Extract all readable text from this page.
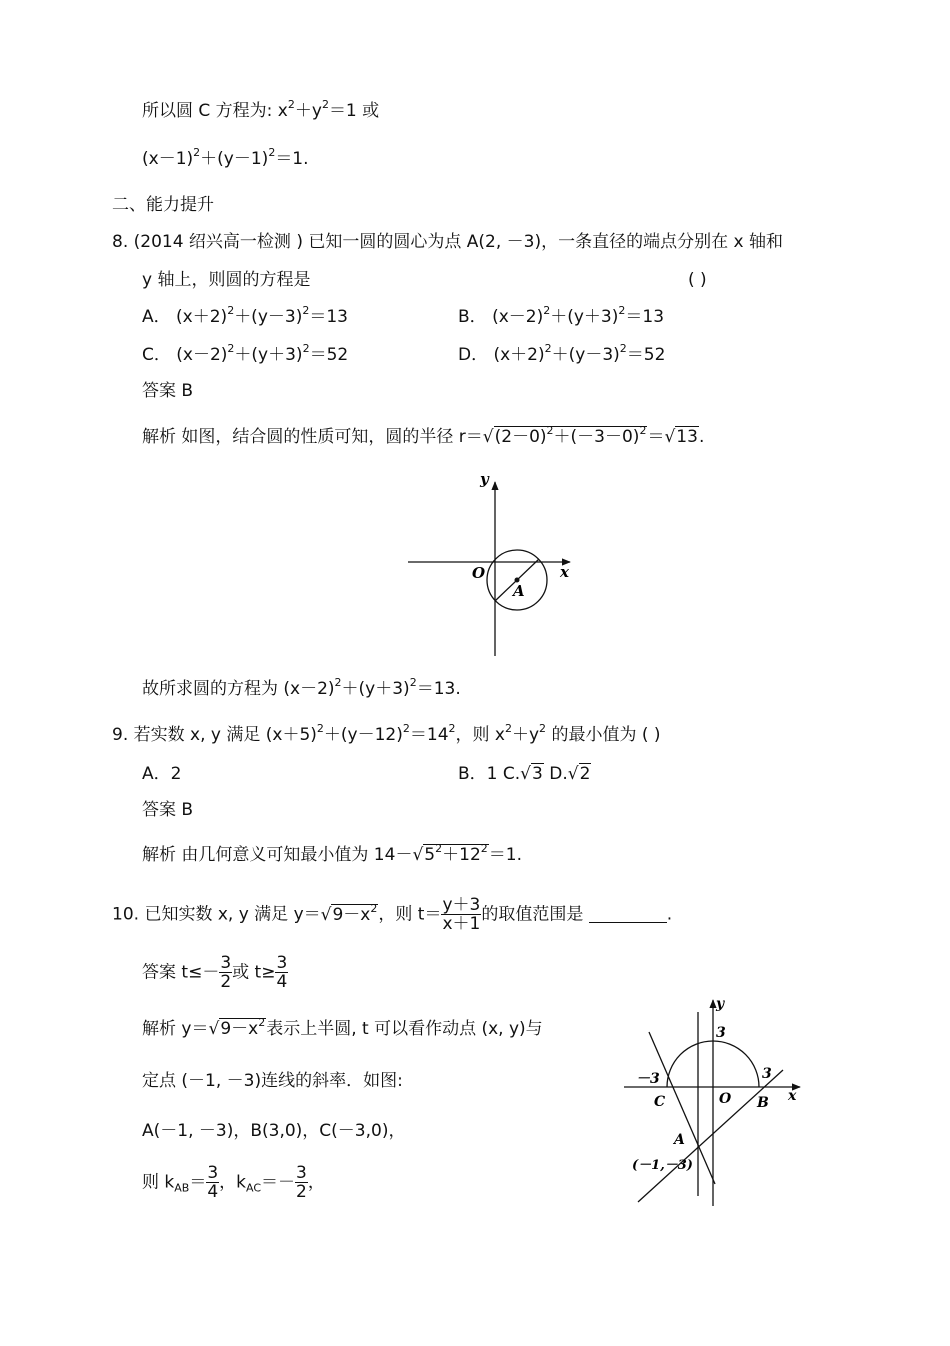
所以圆 C 方程为: $x^2+y^2=1$ 或
$(x-1)^2+(y-1)^2=1$.
二、能力提升
8. (2014 绍兴高一检测 ) 已知一圆的圆心为点 A(2, －3)，一条直径的端点分别在 x 轴和
y 轴上，则圆的方程是	( )
A． $(x+2)^2+(y-3)^2=13$	B． $(x-2)^2+(y+3)^2=13$
C． $(x-2)^2+(y+3)^2=52$	D． $(x+2)^2+(y-3)^2=52$
答案 B
解析 如图，结合圆的性质可知，圆的半径 $r=√(2-0)^2+(-3-0)^2=√13$.
y
O	x
A
故所求圆的方程为 $(x-2)^2+(y+3)^2=13$.
9. 若实数 x, y 满足 $(x+5)^2+(y-12)^2=14^2$，则 $x^2+y^2$ 的最小值为 ( )
A．2	B．1 C.√3 D.√2
答案 B
解析 由几何意义可知最小值为 $14-√5^2+12^2=1$.
10. 已知实数 x, y 满足 $y=√9-x^2$，则 $t= \frac{y+3}{x+1}$ 的取值范围是	.
答案 $t\le- \frac{3}{2}$ 或 $t\ge \frac{3}{4}$
解析 $y=√9-x^2$表示上半圆, t 可以看作动点 (x, y)与
定点 (－1, －3)连线的斜率．如图:
A(－1, －3)，B(3,0)，C(－3,0)，
则 $k_{AB}= \frac{3}{4}$ ，$k_{AC}=- \frac{3}{2}$ ，
y
3
－3	3
C	O B x
A
(－1,－3)
